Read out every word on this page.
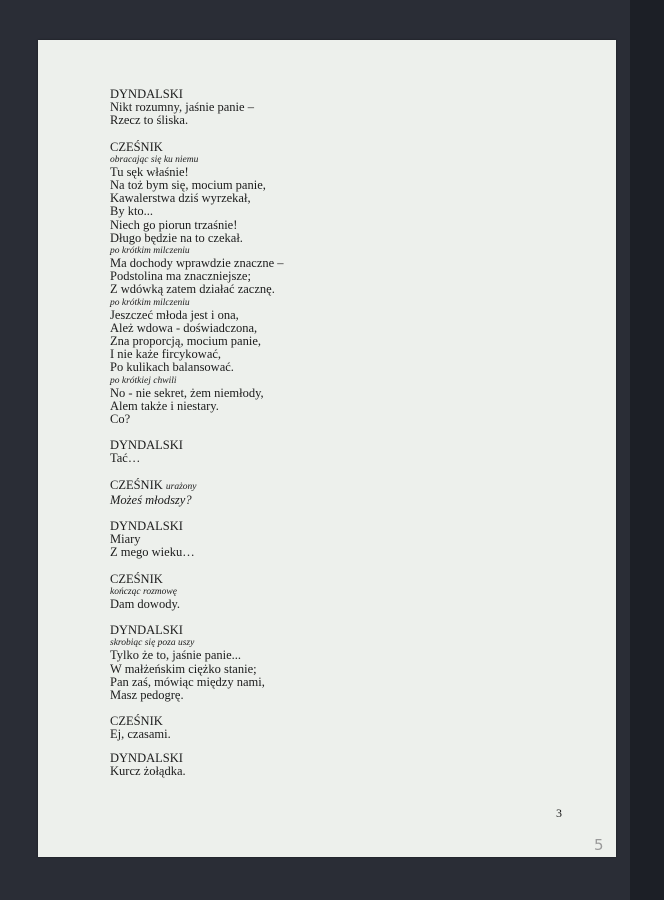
DYNDALSKI
Nikt rozumny, jaśnie panie –
Rzecz to śliska.
CZEŚNIK
obracając się ku niemu
Tu sęk właśnie!
Na toż bym się, mocium panie,
Kawalerstwa dziś wyrzekał,
By kto...
Niech go piorun trzaśnie!
Długo będzie na to czekał.
po krótkim milczeniu
Ma dochody wprawdzie znaczne –
Podstolina ma znaczniejsze;
Z wdówką zatem działać zacznę.
po krótkim milczeniu
Jeszczeć młoda jest i ona,
Ależ wdowa - doświadczona,
Zna proporcją, mocium panie,
I nie każe fircykować,
Po kulikach balansować.
po krótkiej chwili
No - nie sekret, żem niemłody,
Alem także i niestary.
Co?
DYNDALSKI
Tać…
CZEŚNIK urażony
Możeś młodszy?
DYNDALSKI
Miary
Z mego wieku…
CZEŚNIK
kończąc rozmowę
Dam dowody.
DYNDALSKI
skrobiąc się poza uszy
Tylko że to, jaśnie panie...
W małżeńskim ciężko stanie;
Pan zaś, mówiąc między nami,
Masz pedogrę.
CZEŚNIK
Ej, czasami.
DYNDALSKI
Kurcz żołądka.
3
5
